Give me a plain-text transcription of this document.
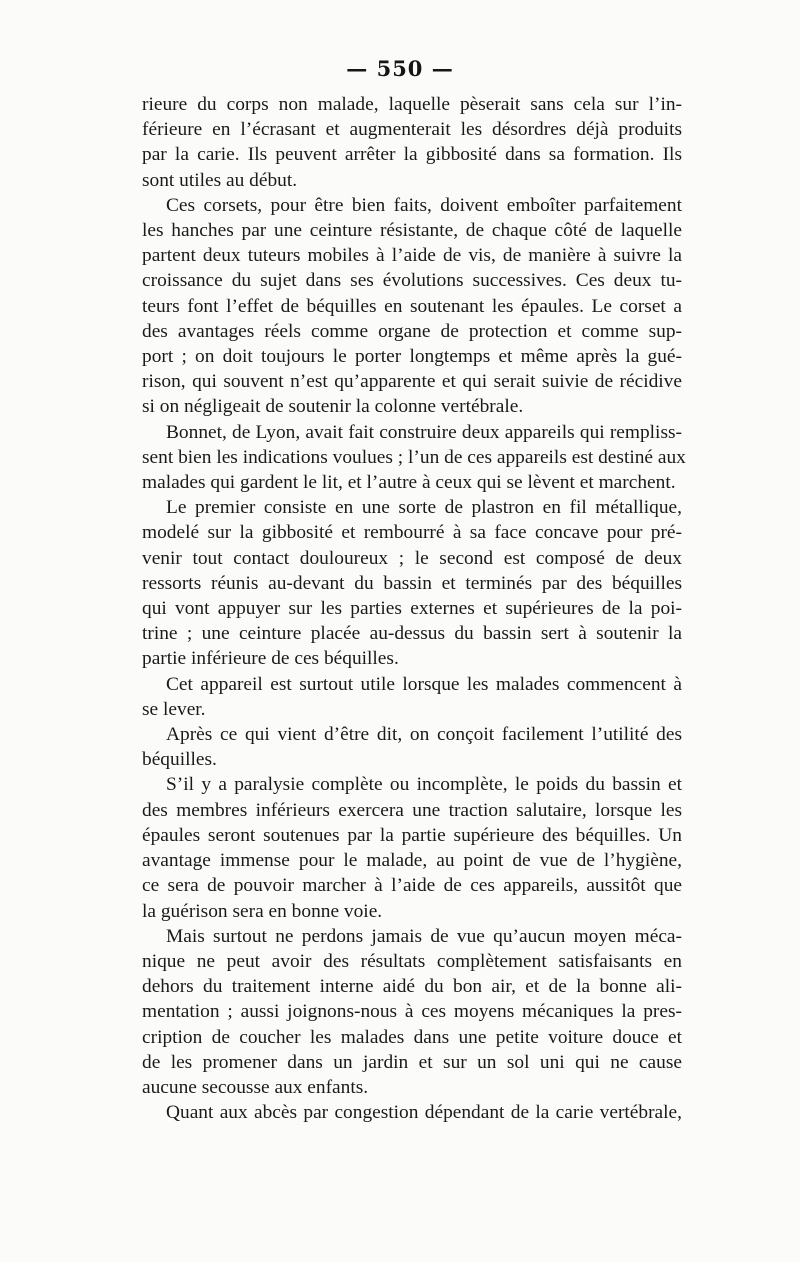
— 550 —
rieure du corps non malade, laquelle pèserait sans cela sur l’in-
férieure en l’écrasant et augmenterait les désordres déjà produits
par la carie. Ils peuvent arrêter la gibbosité dans sa formation. Ils
sont utiles au début.
Ces corsets, pour être bien faits, doivent emboîter parfaitement
les hanches par une ceinture résistante, de chaque côté de laquelle
partent deux tuteurs mobiles à l’aide de vis, de manière à suivre la
croissance du sujet dans ses évolutions successives. Ces deux tu-
teurs font l’effet de béquilles en soutenant les épaules. Le corset a
des avantages réels comme organe de protection et comme sup-
port ; on doit toujours le porter longtemps et même après la gué-
rison, qui souvent n’est qu’apparente et qui serait suivie de récidive
si on négligeait de soutenir la colonne vertébrale.
Bonnet, de Lyon, avait fait construire deux appareils qui rempliss-
sent bien les indications voulues ; l’un de ces appareils est destiné aux
malades qui gardent le lit, et l’autre à ceux qui se lèvent et marchent.
Le premier consiste en une sorte de plastron en fil métallique,
modelé sur la gibbosité et rembourré à sa face concave pour pré-
venir tout contact douloureux ; le second est composé de deux
ressorts réunis au-devant du bassin et terminés par des béquilles
qui vont appuyer sur les parties externes et supérieures de la poi-
trine ; une ceinture placée au-dessus du bassin sert à soutenir la
partie inférieure de ces béquilles.
Cet appareil est surtout utile lorsque les malades commencent à
se lever.
Après ce qui vient d’être dit, on conçoit facilement l’utilité des
béquilles.
S’il y a paralysie complète ou incomplète, le poids du bassin et
des membres inférieurs exercera une traction salutaire, lorsque les
épaules seront soutenues par la partie supérieure des béquilles. Un
avantage immense pour le malade, au point de vue de l’hygiène,
ce sera de pouvoir marcher à l’aide de ces appareils, aussitôt que
la guérison sera en bonne voie.
Mais surtout ne perdons jamais de vue qu’aucun moyen méca-
nique ne peut avoir des résultats complètement satisfaisants en
dehors du traitement interne aidé du bon air, et de la bonne ali-
mentation ; aussi joignons-nous à ces moyens mécaniques la pres-
cription de coucher les malades dans une petite voiture douce et
de les promener dans un jardin et sur un sol uni qui ne cause
aucune secousse aux enfants.
Quant aux abcès par congestion dépendant de la carie vertébrale,
